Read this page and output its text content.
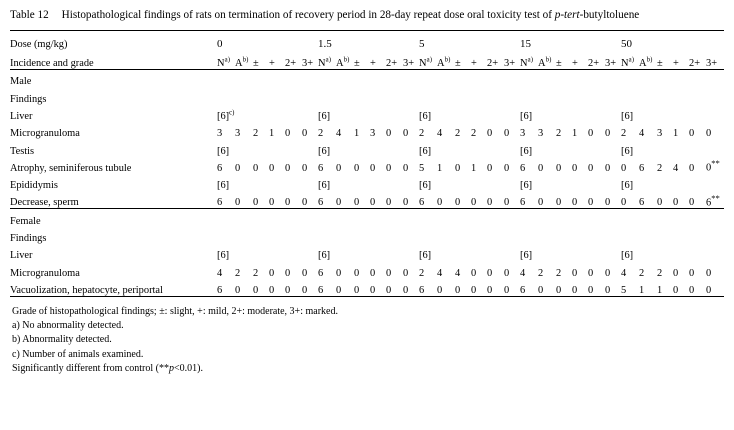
Table 12	Histopathological findings of rats on termination of recovery period in 28-day repeat dose oral toxicity test of p-tert-butyltoluene
Dose (mg/kg)	0	1.5	5	15	50
Incidence and grade	$N^{a)}$ $A^{b)}$ ± + 2+ 3+	$N^{a)}$ $A^{b)}$ ± + 2+ 3+	$N^{a)}$ $A^{b)}$ ± + 2+ 3+	$N^{a)}$ $A^{b)}$ ± + 2+ 3+	$N^{a)}$ $A^{b)}$ ± + 2+ 3+
Male					
Findings					
Liver	$[6]^{c)}$	[6]	[6]	[6]	[6]
Microgranuloma	3 3 2 1 0 0	2 4 1 3 0 0	2 4 2 2 0 0	3 3 2 1 0 0	2 4 3 1 0 0
Testis	[6]	[6]	[6]	[6]	[6]
Atrophy, seminiferous tubule	6 0 0 0 0 0	6 0 0 0 0 0	5 1 0 1 0 0	6 0 0 0 0 0	0 6 2 4 0 0**
Epididymis	[6]	[6]	[6]	[6]	[6]
Decrease, sperm	6 0 0 0 0 0	6 0 0 0 0 0	6 0 0 0 0 0	6 0 0 0 0 0	0 6 0 0 0 6**
Female					
Findings					
Liver	[6]	[6]	[6]	[6]	[6]
Microgranuloma	4 2 2 0 0 0	6 0 0 0 0 0	2 4 4 0 0 0	4 2 2 0 0 0	4 2 2 0 0 0
Vacuolization, hepatocyte, periportal	6 0 0 0 0 0	6 0 0 0 0 0	6 0 0 0 0 0	6 0 0 0 0 0	5 1 1 0 0 0

Grade of histopathological findings; ±: slight, +: mild, 2+: moderate, 3+: marked.
a) No abnormality detected.
b) Abnormality detected.
c) Number of animals examined.
Significantly different from control (**p<0.01).
